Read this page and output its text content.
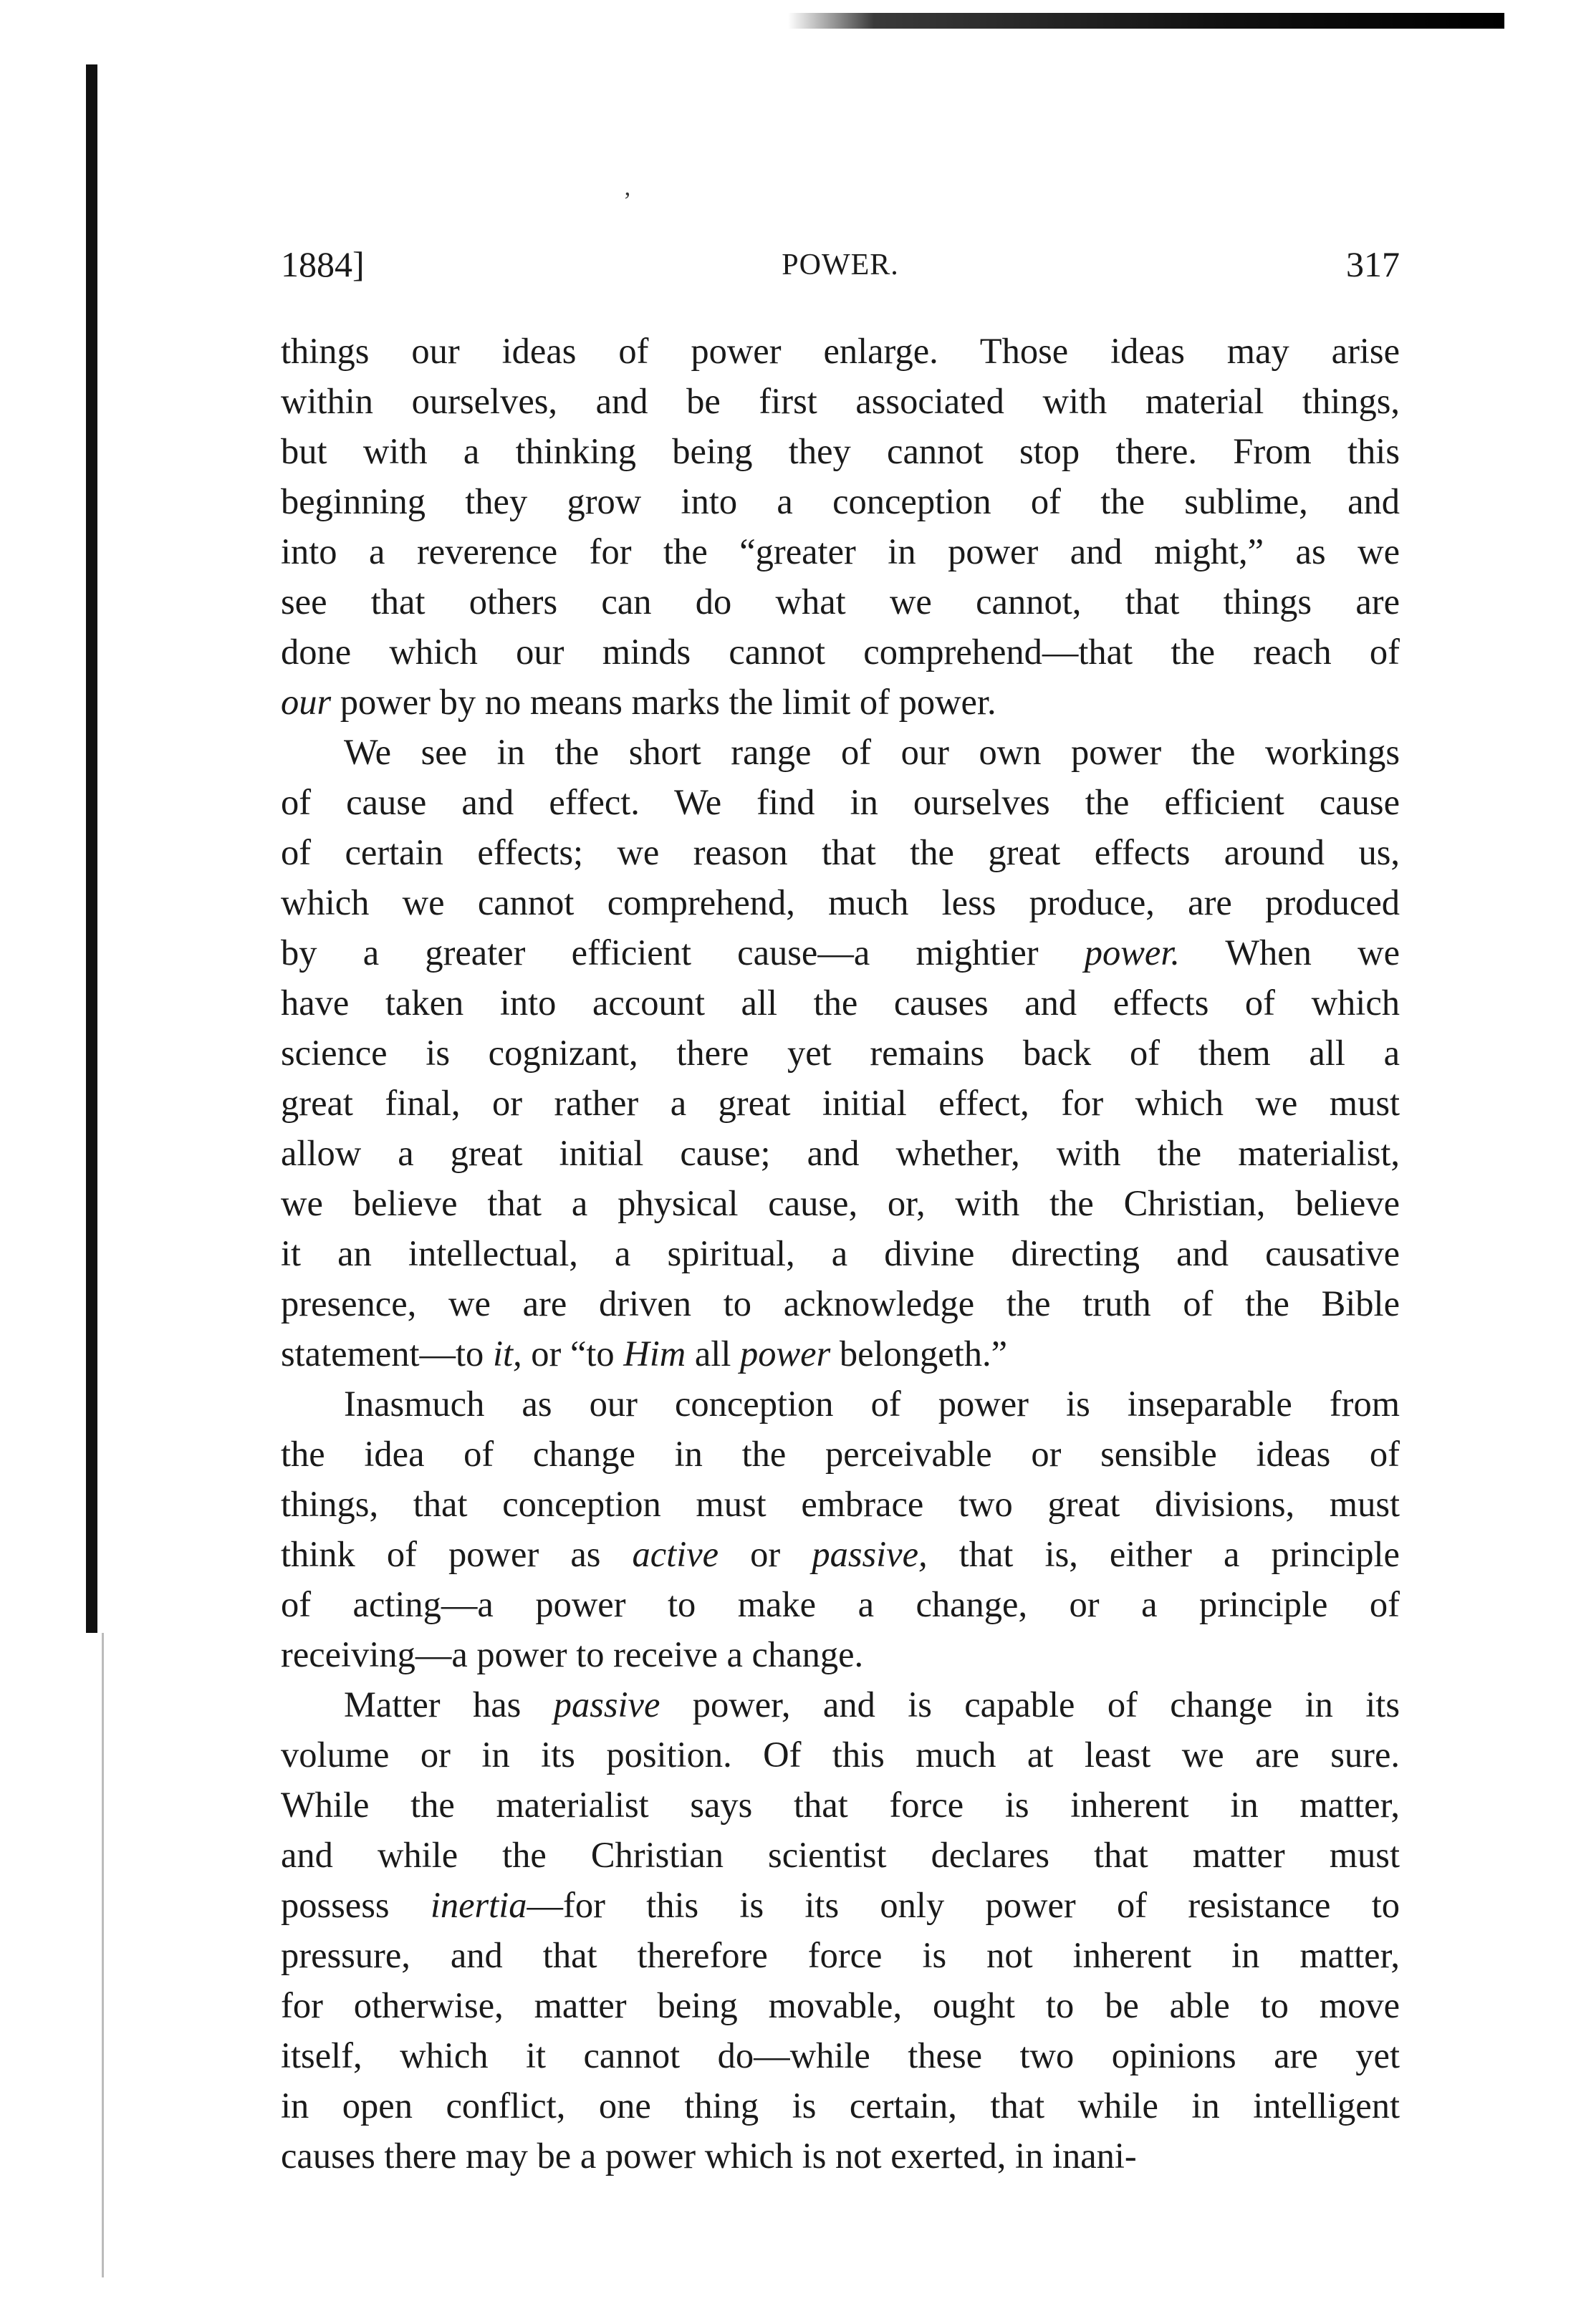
’
1884]	POWER.	317
things our ideas of power enlarge. Those ideas may arise
within ourselves, and be first associated with material things,
but with a thinking being they cannot stop there. From this
beginning they grow into a conception of the sublime, and
into a reverence for the “greater in power and might,” as we
see that others can do what we cannot, that things are
done which our minds cannot comprehend—that the reach of
our power by no means marks the limit of power.
We see in the short range of our own power the workings
of cause and effect. We find in ourselves the efficient cause
of certain effects; we reason that the great effects around us,
which we cannot comprehend, much less produce, are produced
by a greater efficient cause—a mightier power. When we
have taken into account all the causes and effects of which
science is cognizant, there yet remains back of them all a
great final, or rather a great initial effect, for which we must
allow a great initial cause; and whether, with the materialist,
we believe that a physical cause, or, with the Christian, believe
it an intellectual, a spiritual, a divine directing and causative
presence, we are driven to acknowledge the truth of the Bible
statement—to it, or “to Him all power belongeth.”
Inasmuch as our conception of power is inseparable from
the idea of change in the perceivable or sensible ideas of
things, that conception must embrace two great divisions, must
think of power as active or passive, that is, either a principle
of acting—a power to make a change, or a principle of
receiving—a power to receive a change.
Matter has passive power, and is capable of change in its
volume or in its position. Of this much at least we are sure.
While the materialist says that force is inherent in matter,
and while the Christian scientist declares that matter must
possess inertia—for this is its only power of resistance to
pressure, and that therefore force is not inherent in matter,
for otherwise, matter being movable, ought to be able to move
itself, which it cannot do—while these two opinions are yet
in open conflict, one thing is certain, that while in intelligent
causes there may be a power which is not exerted, in inani-
